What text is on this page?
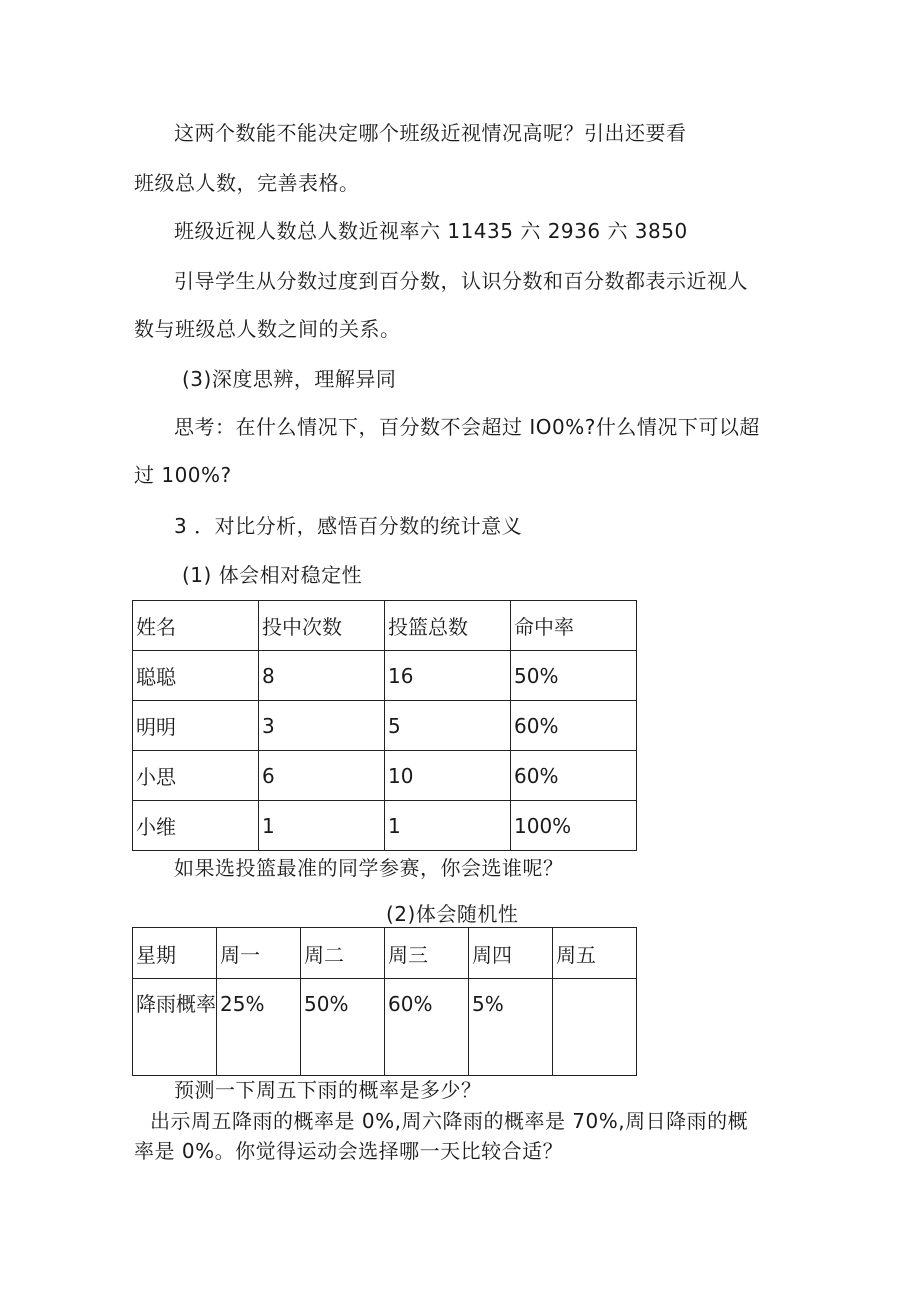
这两个数能不能决定哪个班级近视情况高呢？引出还要看
班级总人数，完善表格。
班级近视人数总人数近视率六 11435 六 2936 六 3850
引导学生从分数过度到百分数，认识分数和百分数都表示近视人
数与班级总人数之间的关系。
(3)深度思辨，理解异同
思考：在什么情况下，百分数不会超过 IO0%?什么情况下可以超
过 100%?
3 ．对比分析，感悟百分数的统计意义
(1) 体会相对稳定性
姓名	投中次数	投篮总数	命中率
聪聪	8	16	50%
明明	3	5	60%
小思	6	10	60%
小维	1	1	100%
如果选投篮最准的同学参赛，你会选谁呢？
(2)体会随机性
星期	周一	周二	周三	周四	周五
降雨概率	25%	50%	60%	5%	
预测一下周五下雨的概率是多少？
出示周五降雨的概率是 0%,周六降雨的概率是 70%,周日降雨的概
率是 0%。你觉得运动会选择哪一天比较合适？
